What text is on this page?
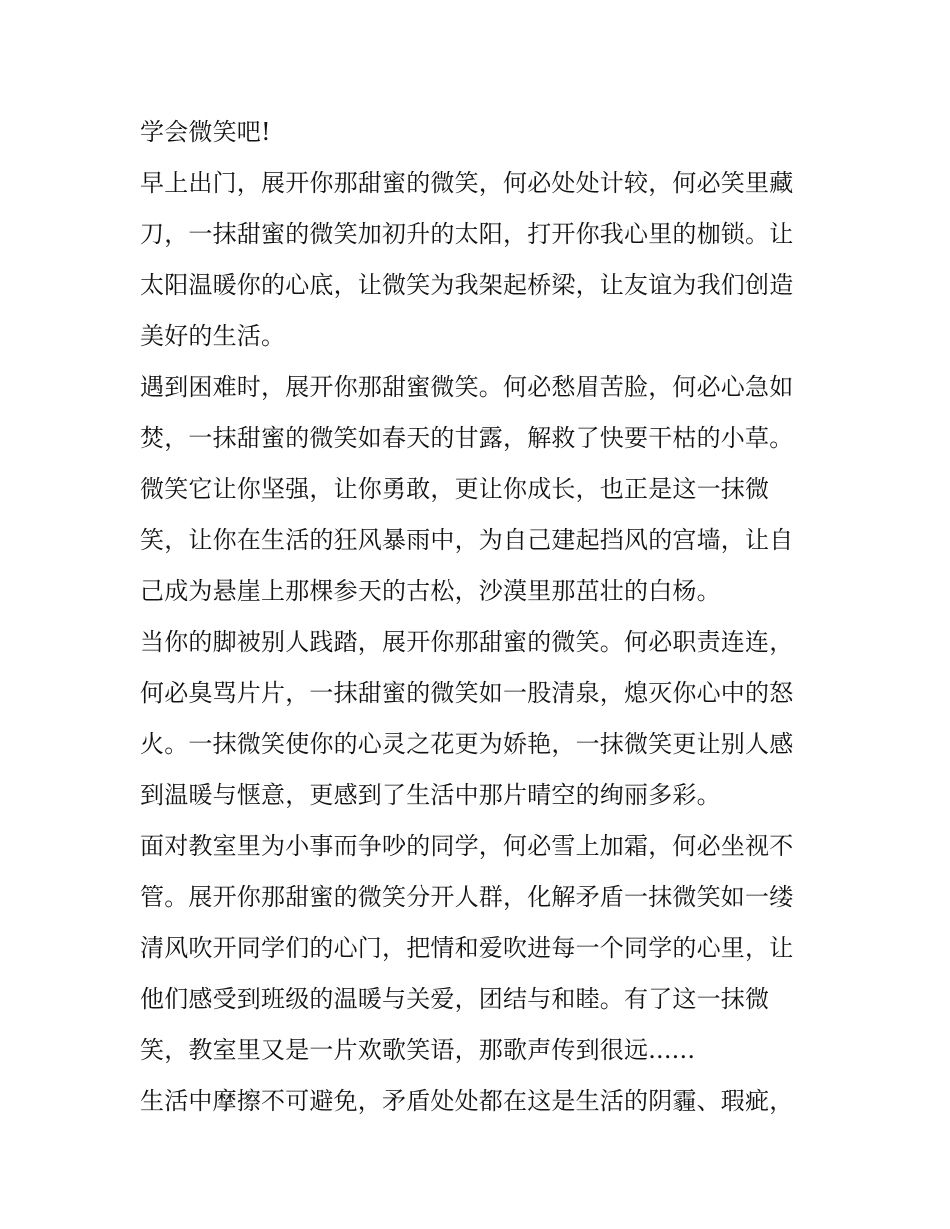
学会微笑吧!
早上出门，展开你那甜蜜的微笑，何必处处计较，何必笑里藏
刀，一抹甜蜜的微笑加初升的太阳，打开你我心里的枷锁。让
太阳温暖你的心底，让微笑为我架起桥梁，让友谊为我们创造
美好的生活。
遇到困难时，展开你那甜蜜微笑。何必愁眉苦脸，何必心急如
焚，一抹甜蜜的微笑如春天的甘露，解救了快要干枯的小草。
微笑它让你坚强，让你勇敢，更让你成长，也正是这一抹微
笑，让你在生活的狂风暴雨中，为自己建起挡风的宫墙，让自
己成为悬崖上那棵参天的古松，沙漠里那茁壮的白杨。
当你的脚被别人践踏，展开你那甜蜜的微笑。何必职责连连，
何必臭骂片片，一抹甜蜜的微笑如一股清泉，熄灭你心中的怒
火。一抹微笑使你的心灵之花更为娇艳，一抹微笑更让别人感
到温暖与惬意，更感到了生活中那片晴空的绚丽多彩。
面对教室里为小事而争吵的同学，何必雪上加霜，何必坐视不
管。展开你那甜蜜的微笑分开人群，化解矛盾一抹微笑如一缕
清风吹开同学们的心门，把情和爱吹进每一个同学的心里，让
他们感受到班级的温暖与关爱，团结与和睦。有了这一抹微
笑，教室里又是一片欢歌笑语，那歌声传到很远......
生活中摩擦不可避免，矛盾处处都在这是生活的阴霾、瑕疵，
